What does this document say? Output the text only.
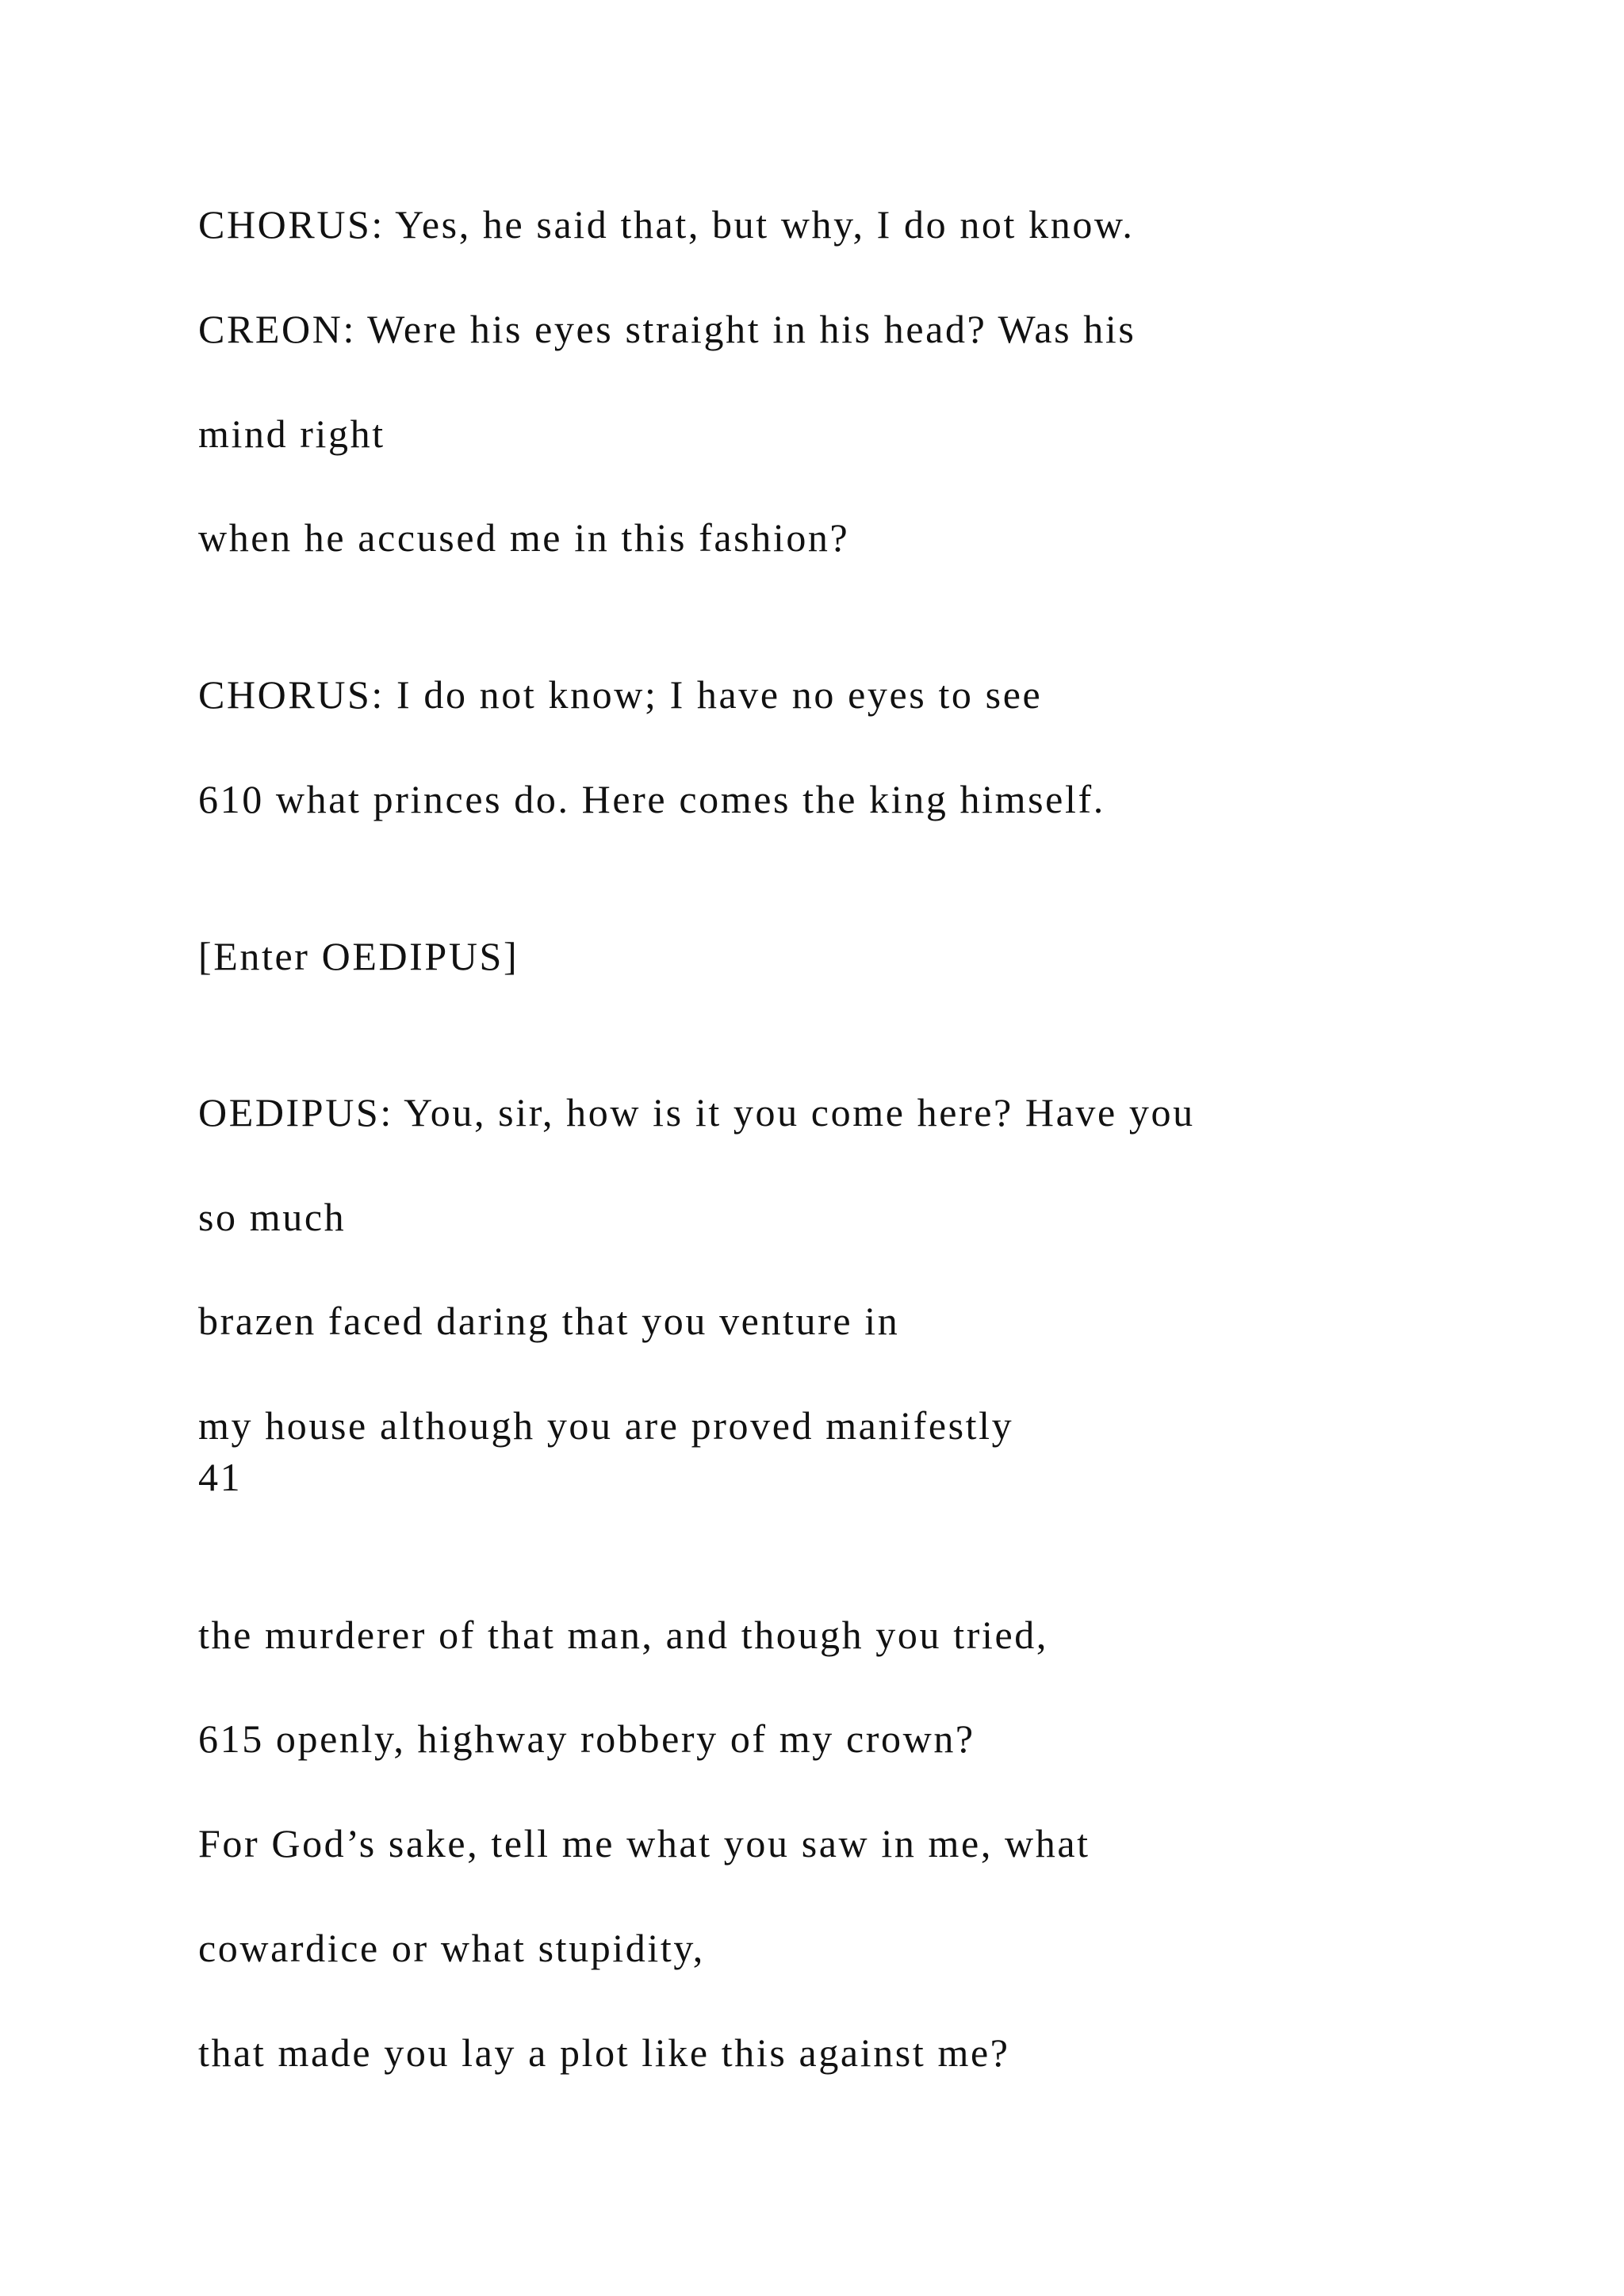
CHORUS: Yes, he said that, but why, I do not know.
CREON: Were his eyes straight in his head? Was his
mind right
when he accused me in this fashion?
CHORUS: I do not know; I have no eyes to see
610 what princes do. Here comes the king himself.
[Enter OEDIPUS]
OEDIPUS: You, sir, how is it you come here? Have you
so much
brazen faced daring that you venture in
my house although you are proved manifestly
41
the murderer of that man, and though you tried,
615 openly, highway robbery of my crown?
For God’s sake, tell me what you saw in me, what
cowardice or what stupidity,
that made you lay a plot like this against me?
